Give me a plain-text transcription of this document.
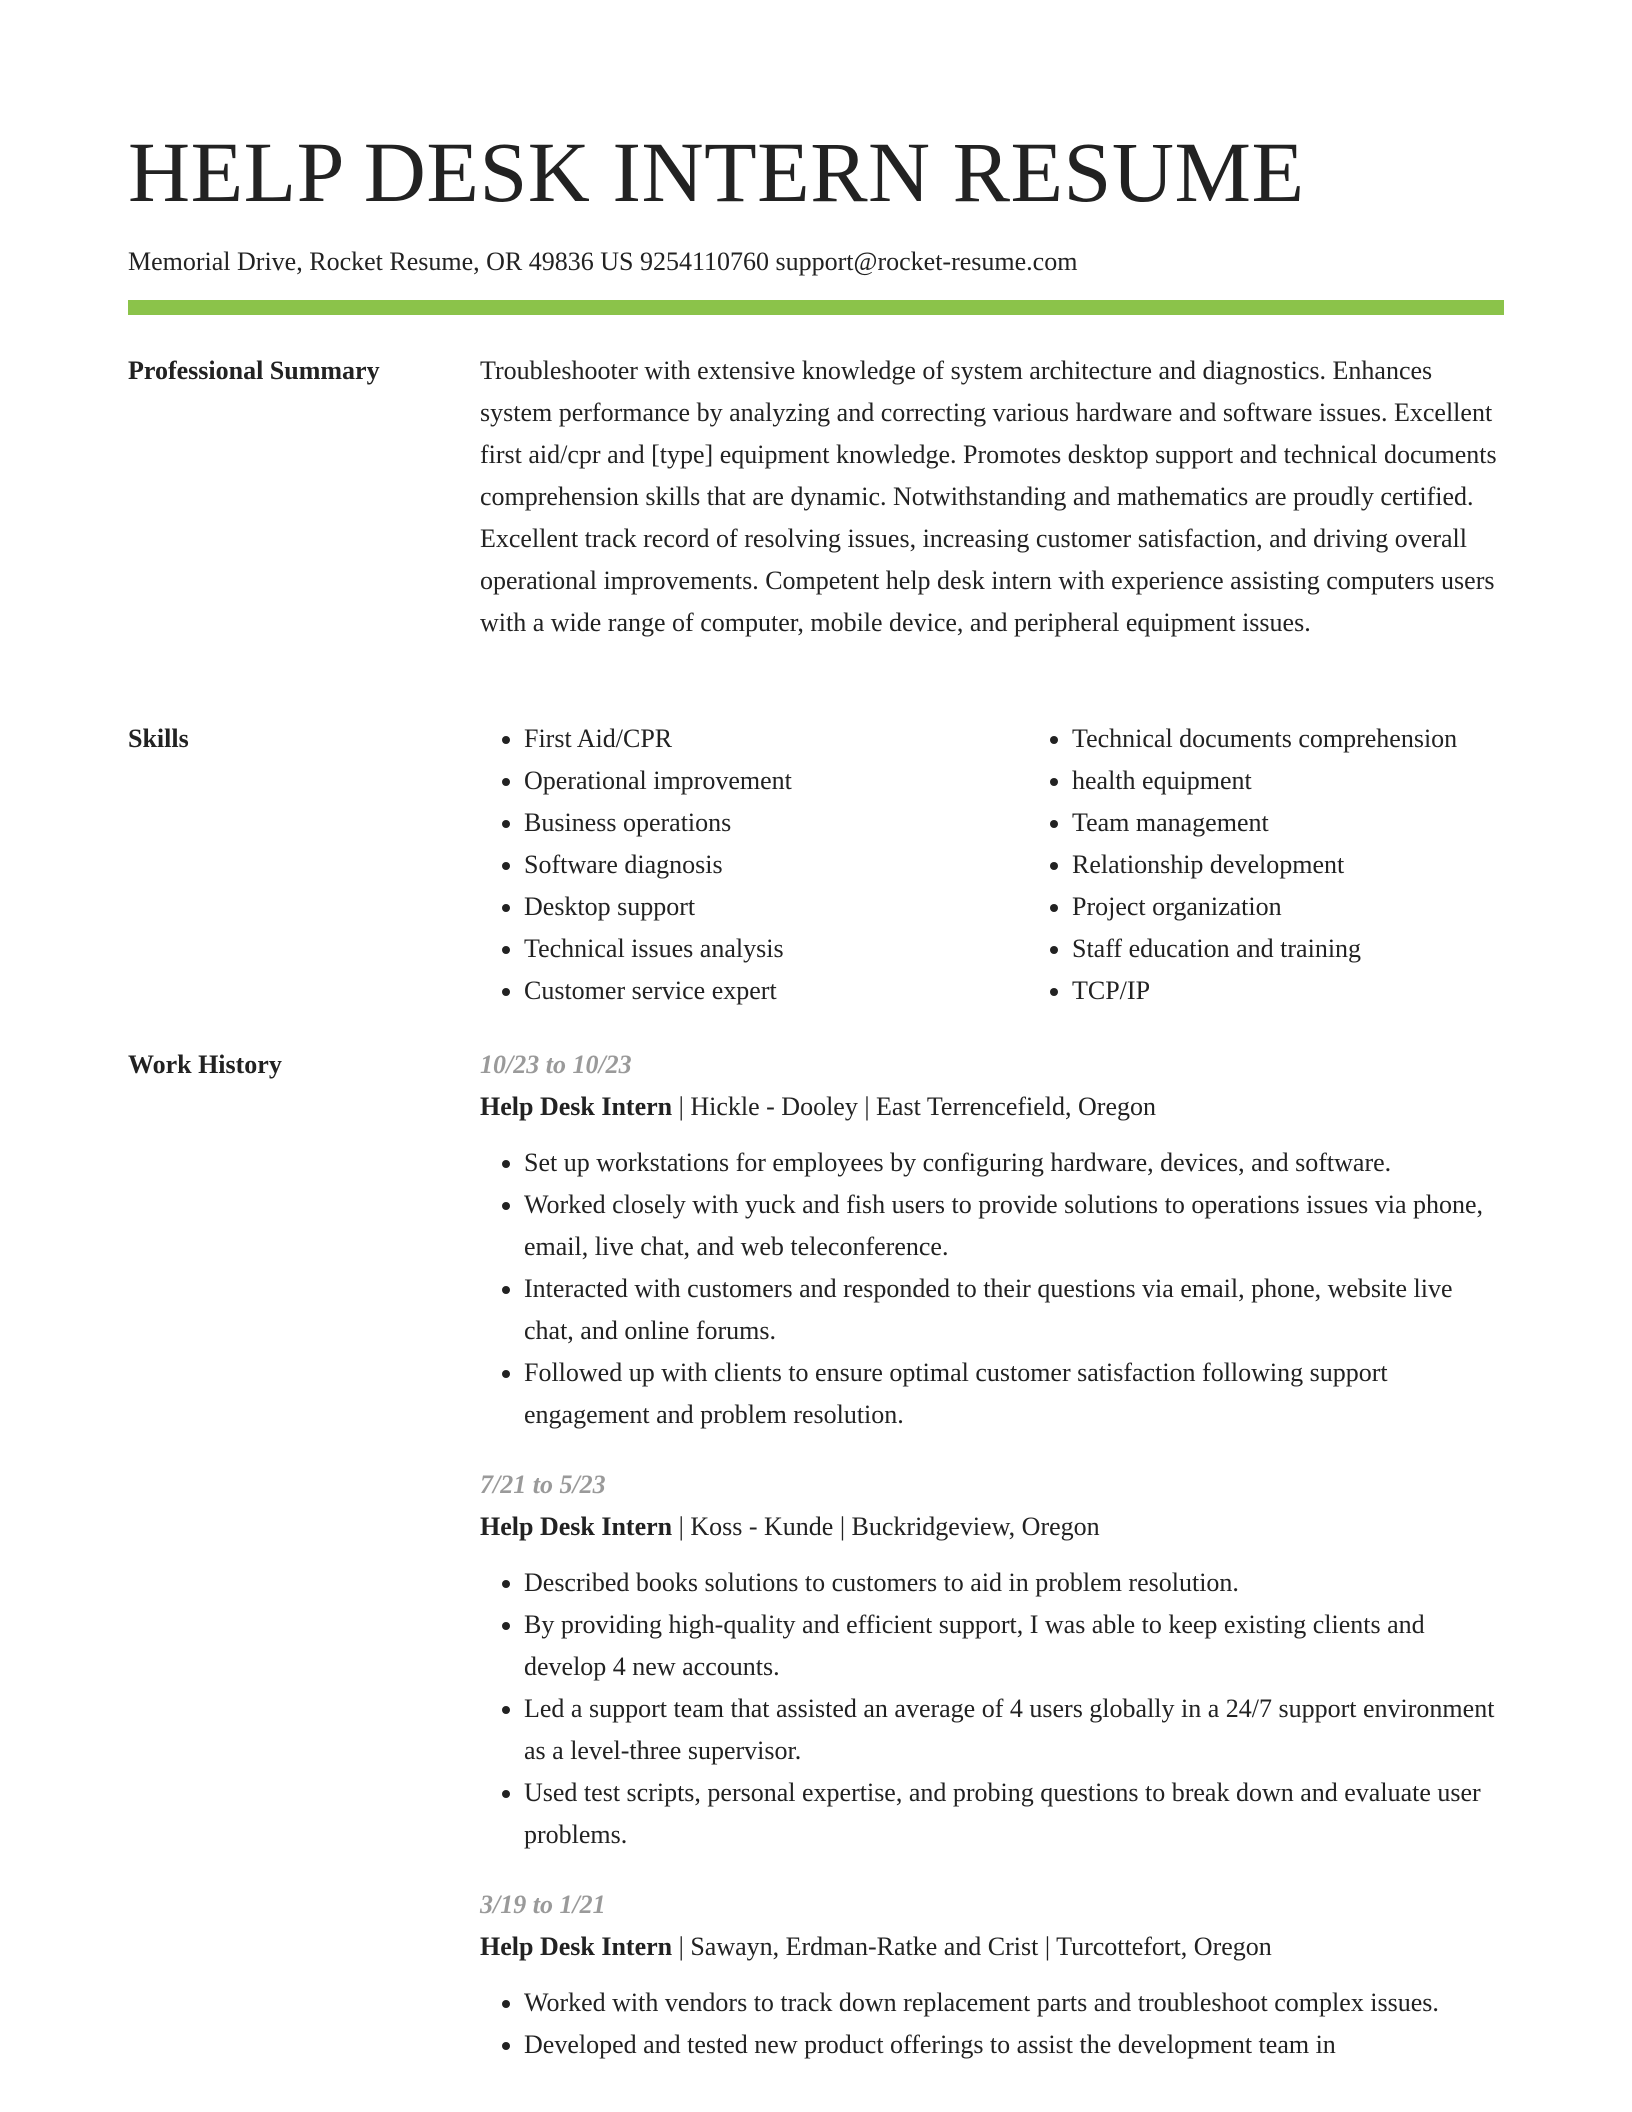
HELP DESK INTERN RESUME
Memorial Drive, Rocket Resume, OR 49836 US 9254110760 support@rocket-resume.com
Professional Summary	Troubleshooter with extensive knowledge of system architecture and diagnostics. Enhances system performance by analyzing and correcting various hardware and software issues. Excellent first aid/cpr and [type] equipment knowledge. Promotes desktop support and technical documents comprehension skills that are dynamic. Notwithstanding and mathematics are proudly certified. Excellent track record of resolving issues, increasing customer satisfaction, and driving overall operational improvements. Competent help desk intern with experience assisting computers users with a wide range of computer, mobile device, and peripheral equipment issues.

Skills
•	First Aid/CPR
• Operational improvement
• Business operations
• Software diagnosis
• Desktop support
• Technical issues analysis
• Customer service expert
• Technical documents comprehension
• health equipment
• Team management
• Relationship development
• Project organization
• Staff education and training
• TCP/IP
Work History	10/23 to 10/23
Help Desk Intern | Hickle - Dooley | East Terrencefield, Oregon
• Set up workstations for employees by configuring hardware, devices, and software.
• Worked closely with yuck and fish users to provide solutions to operations issues via phone, email, live chat, and web teleconference.
• Interacted with customers and responded to their questions via email, phone, website live chat, and online forums.
• Followed up with clients to ensure optimal customer satisfaction following support engagement and problem resolution.
7/21 to 5/23
Help Desk Intern | Koss - Kunde | Buckridgeview, Oregon
• Described books solutions to customers to aid in problem resolution.
• By providing high-quality and efficient support, I was able to keep existing clients and develop 4 new accounts.
• Led a support team that assisted an average of 4 users globally in a 24/7 support environment as a level-three supervisor.
• Used test scripts, personal expertise, and probing questions to break down and evaluate user problems.
3/19 to 1/21
Help Desk Intern | Sawayn, Erdman-Ratke and Crist | Turcottefort, Oregon
• Worked with vendors to track down replacement parts and troubleshoot complex issues.
• Developed and tested new product offerings to assist the development team in
